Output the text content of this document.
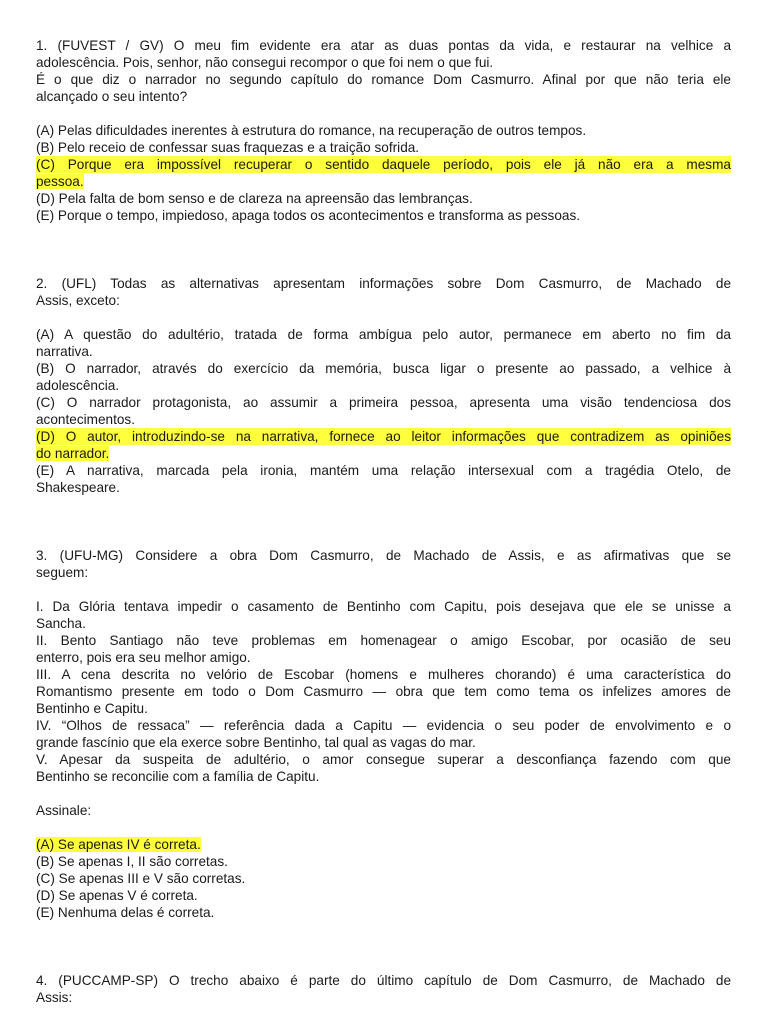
1. (FUVEST / GV) O meu fim evidente era atar as duas pontas da vida, e restaurar na velhice a
adolescência. Pois, senhor, não consegui recompor o que foi nem o que fui.
É o que diz o narrador no segundo capítulo do romance Dom Casmurro. Afinal por que não teria ele
alcançado o seu intento?
(A) Pelas dificuldades inerentes à estrutura do romance, na recuperação de outros tempos.
(B) Pelo receio de confessar suas fraquezas e a traição sofrida.
(C) Porque era impossível recuperar o sentido daquele período, pois ele já não era a mesma
pessoa.
(D) Pela falta de bom senso e de clareza na apreensão das lembranças.
(E) Porque o tempo, impiedoso, apaga todos os acontecimentos e transforma as pessoas.
2. (UFL) Todas as alternativas apresentam informações sobre Dom Casmurro, de Machado de
Assis, exceto:
(A) A questão do adultério, tratada de forma ambígua pelo autor, permanece em aberto no fim da
narrativa.
(B) O narrador, através do exercício da memória, busca ligar o presente ao passado, a velhice à
adolescência.
(C) O narrador protagonista, ao assumir a primeira pessoa, apresenta uma visão tendenciosa dos
acontecimentos.
(D) O autor, introduzindo-se na narrativa, fornece ao leitor informações que contradizem as opiniões
do narrador.
(E) A narrativa, marcada pela ironia, mantém uma relação intersexual com a tragédia Otelo, de
Shakespeare.
3. (UFU-MG) Considere a obra Dom Casmurro, de Machado de Assis, e as afirmativas que se
seguem:
I. Da Glória tentava impedir o casamento de Bentinho com Capitu, pois desejava que ele se unisse a
Sancha.
II. Bento Santiago não teve problemas em homenagear o amigo Escobar, por ocasião de seu
enterro, pois era seu melhor amigo.
III. A cena descrita no velório de Escobar (homens e mulheres chorando) é uma característica do
Romantismo presente em todo o Dom Casmurro — obra que tem como tema os infelizes amores de
Bentinho e Capitu.
IV. “Olhos de ressaca” — referência dada a Capitu — evidencia o seu poder de envolvimento e o
grande fascínio que ela exerce sobre Bentinho, tal qual as vagas do mar.
V. Apesar da suspeita de adultério, o amor consegue superar a desconfiança fazendo com que
Bentinho se reconcilie com a família de Capitu.
Assinale:
(A) Se apenas IV é correta.
(B) Se apenas I, II são corretas.
(C) Se apenas III e V são corretas.
(D) Se apenas V é correta.
(E) Nenhuma delas é correta.
4. (PUCCAMP-SP) O trecho abaixo é parte do último capítulo de Dom Casmurro, de Machado de
Assis:
